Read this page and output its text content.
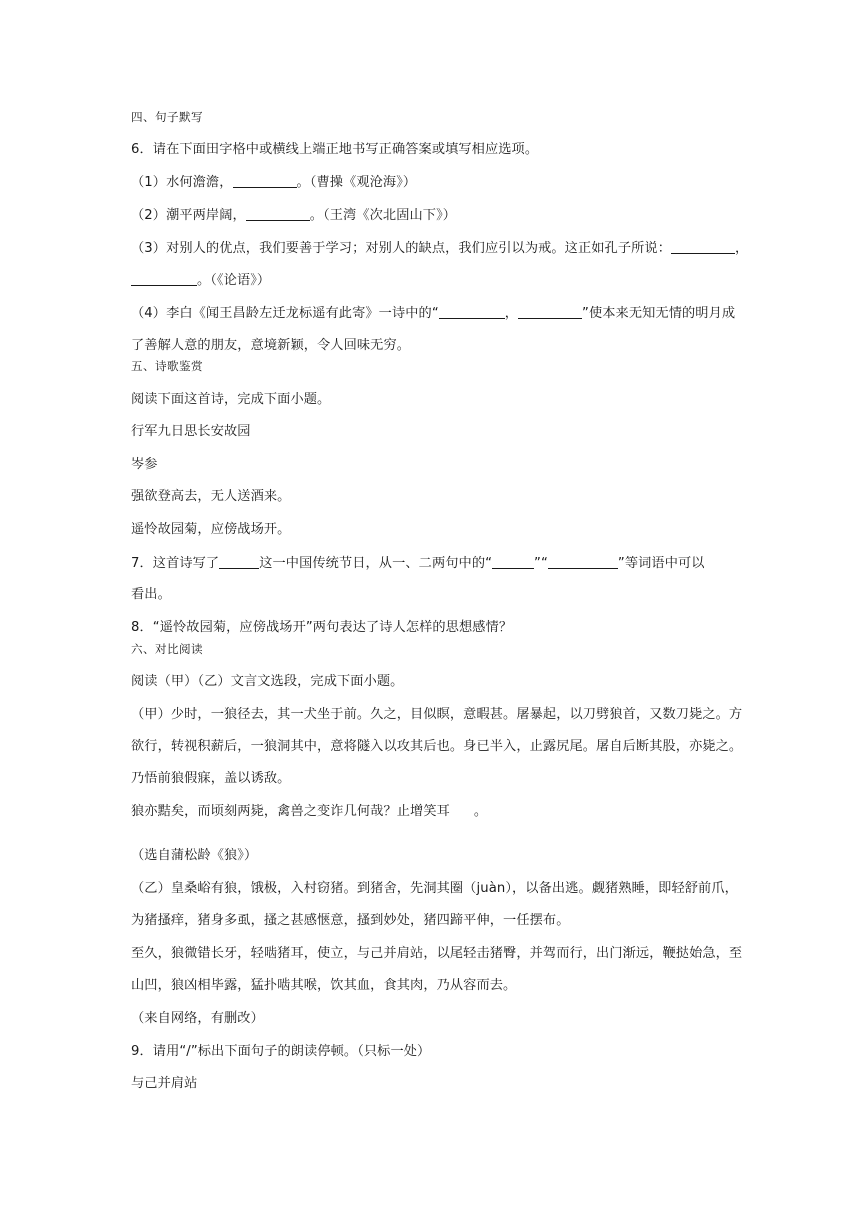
四、句子默写
6．请在下面田字格中或横线上端正地书写正确答案或填写相应选项。
（1）水何澹澹，	。（曹操《观沧海》）
（2）潮平两岸阔，	。（王湾《次北固山下》）
（3）对别人的优点，我们要善于学习；对别人的缺点，我们应引以为戒。这正如孔子所说：	，
。（《论语》）
（4）李白《闻王昌龄左迁龙标遥有此寄》一诗中的“	，	”使本来无知无情的明月成
了善解人意的朋友，意境新颖，令人回味无穷。
五、诗歌鉴赏
阅读下面这首诗，完成下面小题。
行军九日思长安故园
岑参
强欲登高去，无人送酒来。
遥怜故园菊，应傍战场开。
7．这首诗写了	这一中国传统节日，从一、二两句中的“	”“	”等词语中可以
看出。
8．“遥怜故园菊，应傍战场开”两句表达了诗人怎样的思想感情？
六、对比阅读
阅读（甲）（乙）文言文选段，完成下面小题。
（甲）少时，一狼径去，其一犬坐于前。久之，目似瞑，意暇甚。屠暴起，以刀劈狼首，又数刀毙之。方
欲行，转视积薪后，一狼洞其中，意将隧入以攻其后也。身已半入，止露尻尾。屠自后断其股，亦毙之。
乃悟前狼假寐，盖以诱敌。
狼亦黠矣，而顷刻两毙，禽兽之变诈几何哉？止增笑耳 。
（选自蒲松龄《狼》）
（乙）皇桑峪有狼，饿极，入村窃猪。到猪舍，先洞其圈（juàn），以备出逃。觑猪熟睡，即轻舒前爪，
为猪搔痒，猪身多虱，搔之甚感惬意，搔到妙处，猪四蹄平伸，一任摆布。
至久，狼微错长牙，轻啮猪耳，使立，与己并肩站，以尾轻击猪臀，并驾而行，出门渐远，鞭挞始急，至
山凹，狼凶相毕露，猛扑啮其喉，饮其血，食其肉，乃从容而去。
（来自网络，有删改）
9．请用“/”标出下面句子的朗读停顿。（只标一处）
与己并肩站
